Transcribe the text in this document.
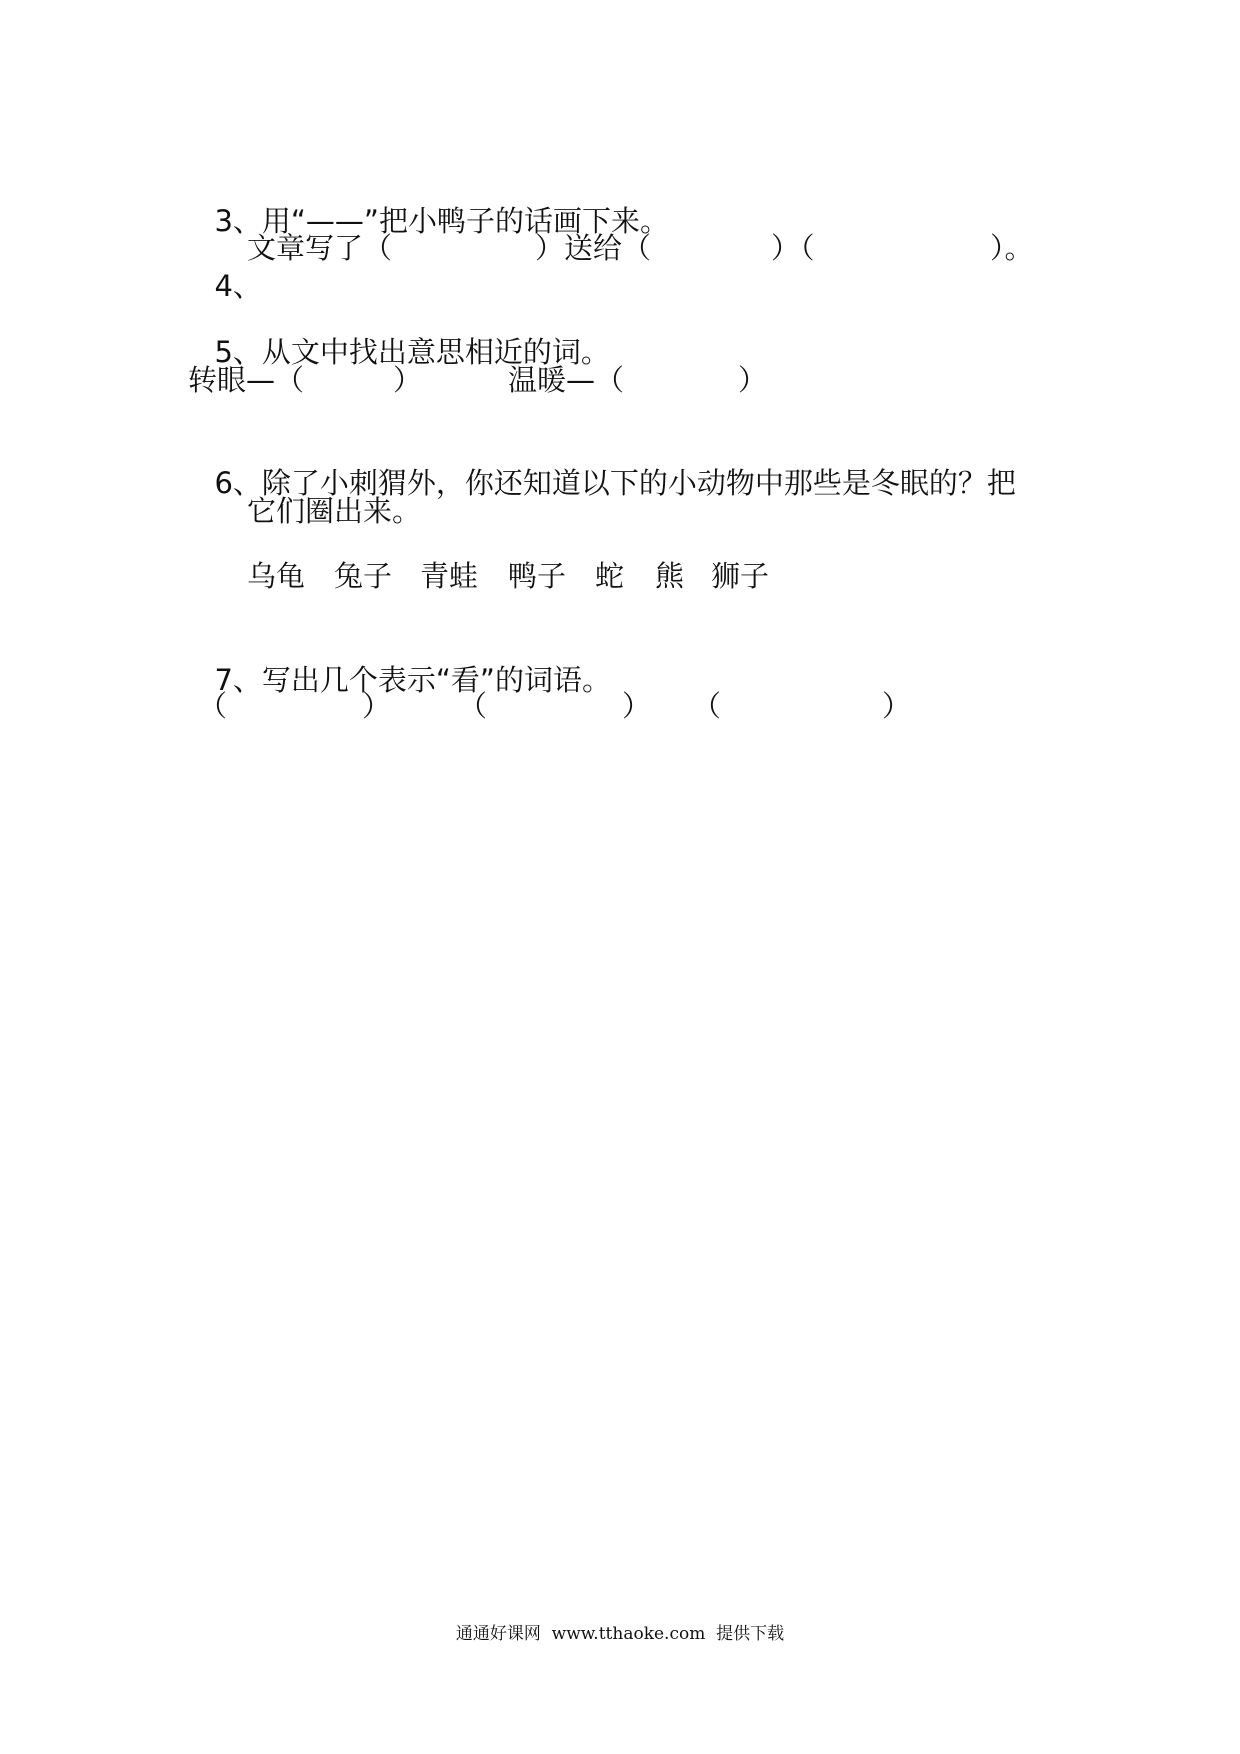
3、用“——”把小鸭子的话画下来。

4、

文章写了（	）送给（	）（	）。

5、从文中找出意思相近的词。

转眼—（	）	温暖—（	）

6、除了小刺猬外，你还知道以下的小动物中那些是冬眠的？把

它们圈出来。
乌龟 兔子 青蛙 鸭子 蛇 熊 狮子

7、写出几个表示“看”的词语。

（	） （	） （	）
通通好课网  www.tthaoke.com  提供下载
